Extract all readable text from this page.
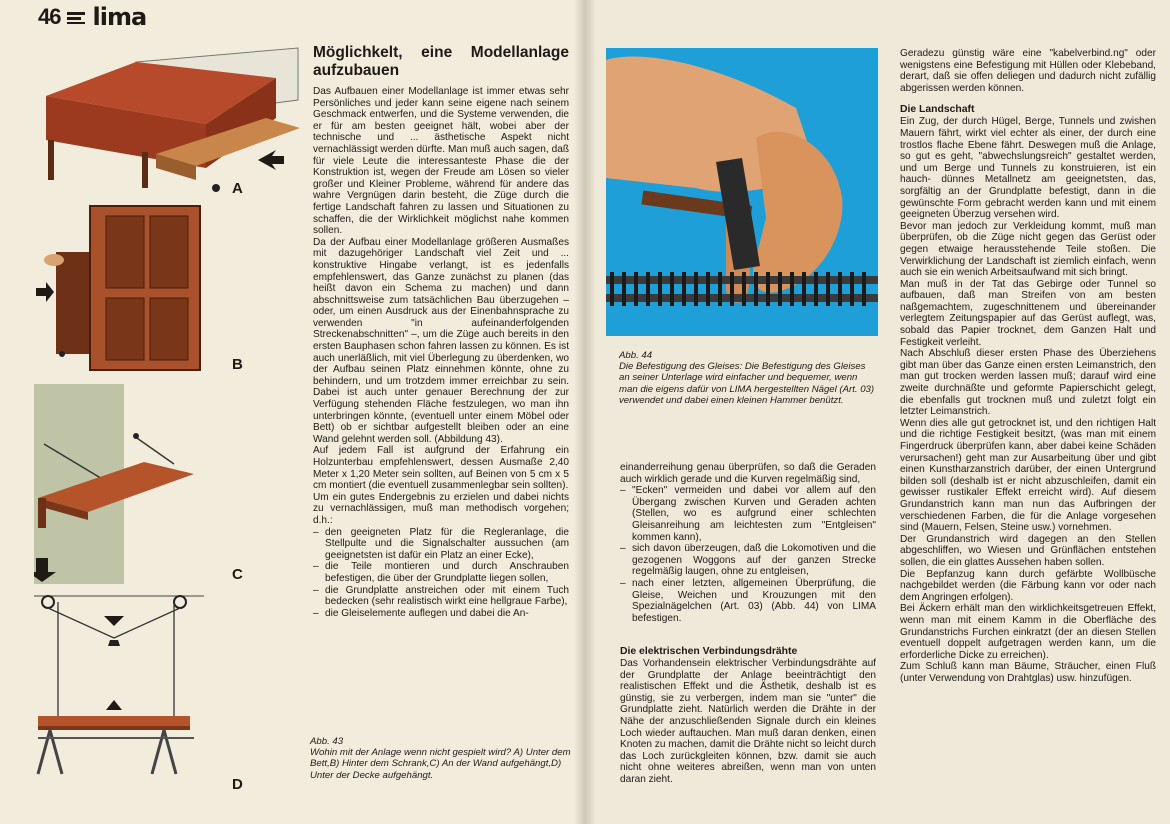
46 lima
A
B
C
D
Möglichkelt, eine Modellanlage aufzubauen

Das Aufbauen einer Modellanlage ist immer etwas sehr Persönliches und jeder kann seine eigene nach seinem Geschmack entwerfen, und die Systeme verwenden, die er für am besten geeignet hält, wobei aber der technische und ... ästhetische Aspekt nicht vernachlässigt werden dürfte. Man muß auch sagen, daß für viele Leute die interessanteste Phase die der Konstruktion ist, wegen der Freude am Lösen so vieler großer und Kleiner Probleme, während für andere das wahre Vergnügen darin besteht, die Züge durch die fertige Landschaft fahren zu lassen und Situationen zu schaffen, die der Wirklichkeit möglichst nahe kommen sollen.

Da der Aufbau einer Modellanlage größeren Ausmaßes mit dazugehöriger Landschaft viel Zeit und ... konstruktive Hingabe verlangt, ist es jedenfalls empfehlenswert, das Ganze zunächst zu planen (das heißt davon ein Schema zu machen) und dann abschnittsweise zum tatsächlichen Bau überzugehen – oder, um einen Ausdruck aus der Einenbahnsprache zu verwenden "in aufeinanderfolgenden Streckenabschnitten" –, um die Züge auch bereits in den ersten Bauphasen schon fahren lassen zu können. Es ist auch unerläßlich, mit viel Überlegung zu überdenken, wo der Aufbau seinen Platz einnehmen könnte, ohne zu behindern, und um trotzdem immer erreichbar zu sein. Dabei ist auch unter genauer Berechnung der zur Verfügung stehenden Fläche festzulegen, wo man ihn unterbringen könnte, (eventuell unter einem Möbel oder Bett) ob er sichtbar aufgestellt bleiben oder an eine Wand gelehnt werden soll. (Abbildung 43).

Auf jedem Fall ist aufgrund der Erfahrung ein Holzunterbau empfehlenswert, dessen Ausmaße 2,40 Meter x 1,20 Meter sein sollten, auf Beinen von 5 cm x 5 cm montiert (die eventuell zusammenlegbar sein sollten).

Um ein gutes Endergebnis zu erzielen und dabei nichts zu vernachlässigen, muß man methodisch vorgehen; d.h.:

– den geeigneten Platz für die Regleranlage, die Stellpulte und die Signalschalter aussuchen (am geeignetsten ist dafür ein Platz an einer Ecke),
– die Teile montieren und durch Anschrauben befestigen, die über der Grundplatte liegen sollen,
– die Grundplatte anstreichen oder mit einem Tuch bedecken (sehr realistisch wirkt eine hellgraue Farbe),
– die Gleiselemente auflegen und dabei die An-
Abb. 43
Wohin mit der Anlage wenn nicht gespielt wird? A) Unter dem Bett,B) Hinter dem Schrank,C) An der Wand aufgehängt,D) Unter der Decke aufgehängt.
Abb. 44
Die Befestigung des Gleises: Die Befestigung des Gleises an seiner Unterlage wird einfacher und bequemer, wenn man die eigens dafür von LIMA hergestellten Nägel (Art. 03) verwendet und dabei einen kleinen Hammer benützt.

einanderreihung genau überprüfen, so daß die Geraden auch wirklich gerade und die Kurven regelmäßig sind,

– "Ecken" vermeiden und dabei vor allem auf den Übergang zwischen Kurven und Geraden achten (Stellen, wo es aufgrund einer schlechten Gleisanreihung am leichtesten zum "Entgleisen" kommen kann),
– sich davon überzeugen, daß die Lokomotiven und die gezogenen Woggons auf der ganzen Strecke regelmäßig laugen, ohne zu entgleisen,
– nach einer letzten, allgemeinen Überprüfung, die Gleise, Weichen und Krouzungen mit den Spezialnägelchen (Art. 03) (Abb. 44) von LIMA befestigen.
Die elektrischen Verbindungsdrähte

Das Vorhandensein elektrischer Verbindungsdrähte auf der Grundplatte der Anlage beeinträchtigt den realistischen Effekt und die Ästhetik, deshalb ist es günstig, sie zu verbergen, indem man sie "unter" die Grundplatte zieht. Natürlich werden die Drähte in der Nähe der anzuschließenden Signale durch ein kleines Loch wieder auftauchen. Man muß daran denken, einen Knoten zu machen, damit die Drähte nicht so leicht durch das Loch zurückgleiten können, bzw. damit sie auch nicht ohne weiteres abreißen, wenn man von unten daran zieht.

Geradezu günstig wäre eine "kabelverbind​.ng" oder wenigstens eine Befestigung mit Hüllen oder Klebeband, derart, daß sie offen deliegen und dadurch nicht zufällig abgerissen werden können.

Die Landschaft

Ein Zug, der durch Hügel, Berge, Tunnels und zwishen Mauern fährt, wirkt viel echter als einer, der durch eine trostlos flache Ebene fährt. Deswegen muß die Anlage, so gut es geht, "abwechslungsreich" gestaltet werden, und um Berge und Tunnels zu konstruieren, ist ein hauch- dünnes Metallnetz am geeignetsten, das, sorgfältig an der Grundplatte befestigt, dann in die gewünschte Form gebracht werden kann und mit einem geeigneten Überzug versehen wird.

Bevor man jedoch zur Verkleidung kommt, muß man überprüfen, ob die Züge nicht gegen das Gerüst oder gegen etwaige herausstehende Teile stoßen. Die Verwirklichung der Landschaft ist ziemlich einfach, wenn auch sie ein wenich Arbeitsaufwand mit sich bringt.

Man muß in der Tat das Gebirge oder Tunnel so aufbauen, daß man Streifen von am besten naßgemachtem, zugeschnittenem und übereinander verlegtem Zeitungspapier auf das Gerüst auflegt, was, sobald das Papier trocknet, dem Ganzen Halt und Festigkeit verleiht.

Nach Abschluß dieser ersten Phase des Überziehens gibt man über das Ganze einen ersten Leimanstrich, den man gut trocken werden lassen muß; darauf wird eine zweite durchnäßte und geformte Papierschicht gelegt, die ebenfalls gut trocknen muß und zuletzt folgt ein letzter Leimanstrich.

Wenn dies alle gut getrocknet ist, und den richtigen Halt und die richtige Festigkeit besitzt, (was man mit einem Fingerdruck überprüfen kann, aber dabei keine Schäden verursachen!) geht man zur Ausarbeitung über und gibt einen Kunstharzanstrich darüber, der einen Untergrund bilden soll (deshalb ist er nicht abzuschleifen, damit ein gewisser rustikaler Effekt erreicht wird). Auf diesem Grundanstrich kann man nun das Aufbringen der verschiedenen Farben, die für die Anlage vorgesehen sind (Mauern, Felsen, Steine usw.) vornehmen.

Der Grundanstrich wird dagegen an den Stellen abgeschliffen, wo Wiesen und Grünflächen entstehen sollen, die ein glattes Aussehen haben sollen.

Die Bepfanzug kann durch gefärbte Wollbüsche nachgebildet werden (die Färbung kann vor oder nach dem Angringen erfolgen).

Bei Äckern erhält man den wirklichkeitsgetreuen Effekt, wenn man mit einem Kamm in die Oberfläche des Grundanstrichs Furchen einkratzt (der an diesen Stellen eventuell doppelt aufgetragen werden kann, um die erforderliche Dicke zu erreichen).

Zum Schluß kann man Bäume, Sträucher, einen Fluß (unter Verwendung von Drahtglas) usw. hinzufügen.
